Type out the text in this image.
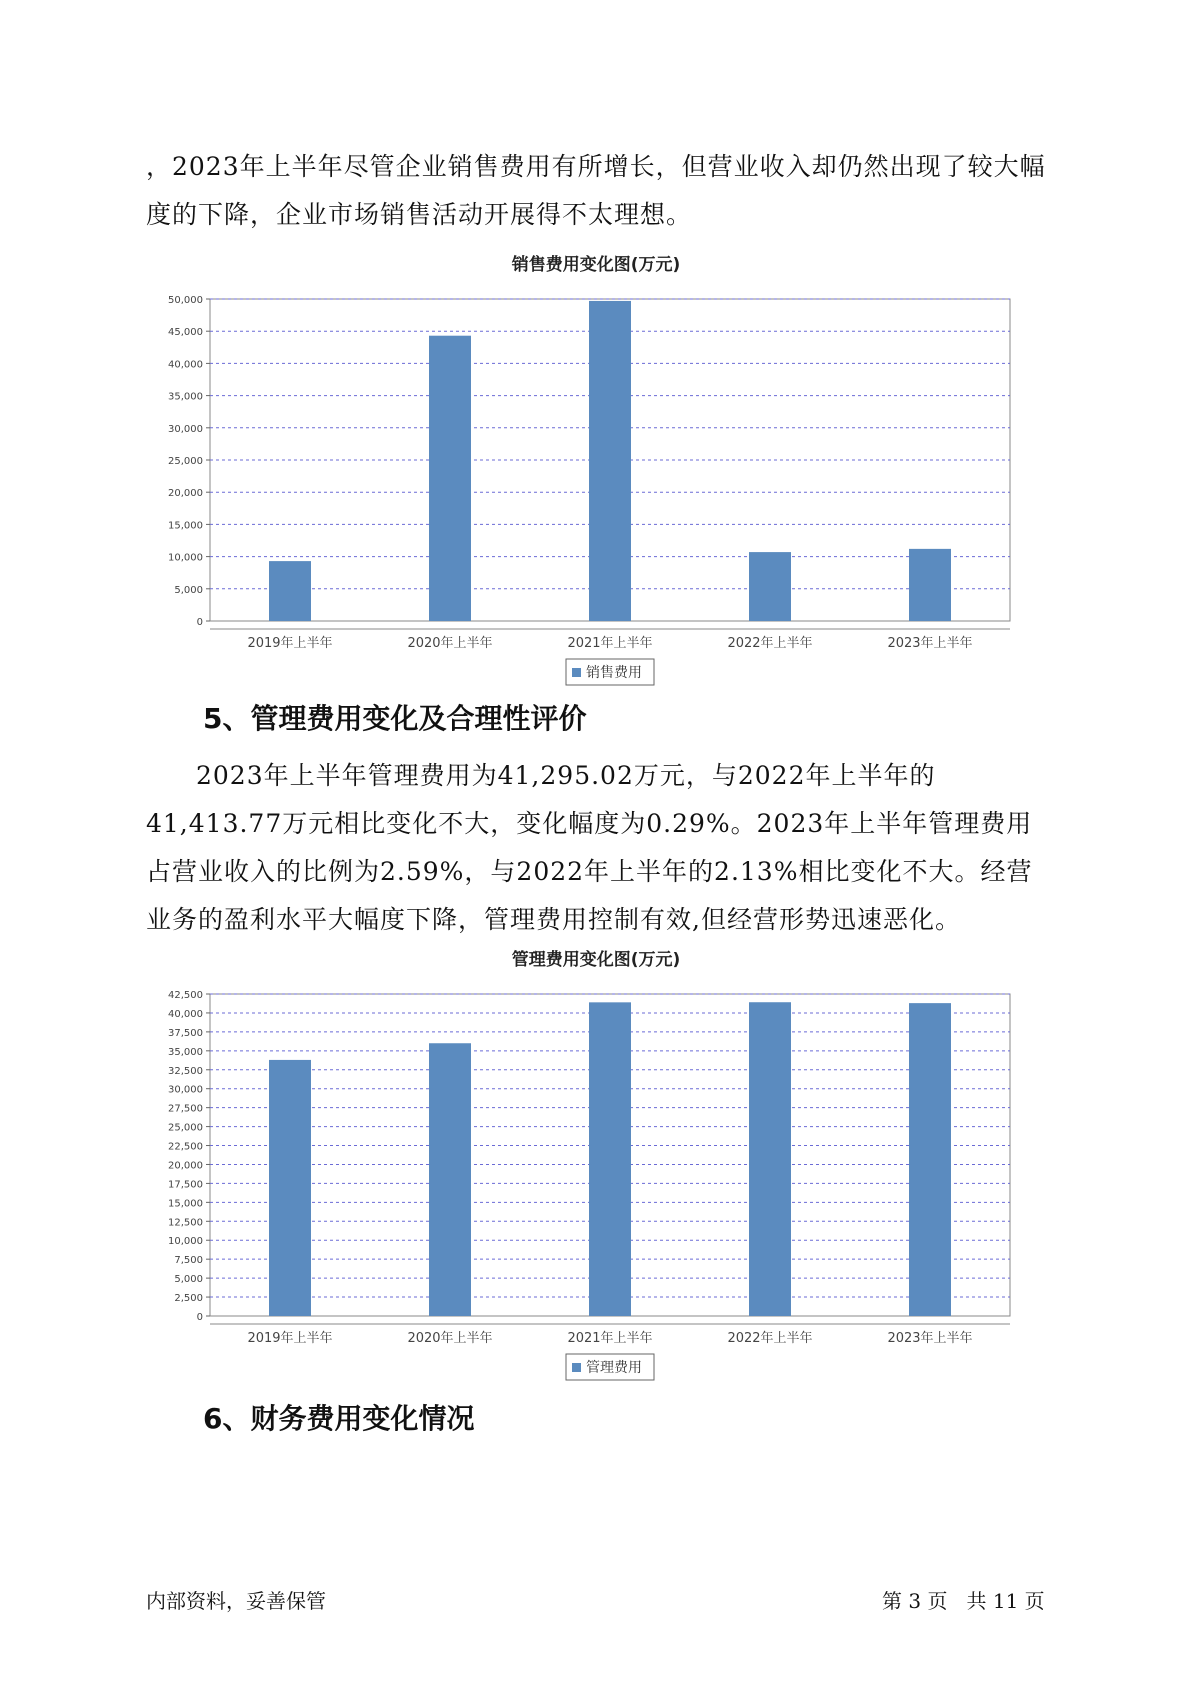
，2023年上半年尽管企业销售费用有所增长，但营业收入却仍然出现了较大幅度的下降，企业市场销售活动开展得不太理想。

销售费用变化图(万元)
0
5,000
10,000
15,000
20,000
25,000
30,000
35,000
40,000
45,000
50,000
2019年上半年	2020年上半年	2021年上半年	2022年上半年	2023年上半年
销售费用
5、管理费用变化及合理性评价

2023年上半年管理费用为41,295.02万元，与2022年上半年的41,413.77万元相比变化不大，变化幅度为0.29%。2023年上半年管理费用占营业收入的比例为2.59%，与2022年上半年的2.13%相比变化不大。经营业务的盈利水平大幅度下降，管理费用控制有效,但经营形势迅速恶化。

管理费用变化图(万元)
0
2,500
5,000
7,500
10,000
12,500
15,000
17,500
20,000
22,500
25,000
27,500
30,000
32,500
35,000
37,500
40,000
42,500
2019年上半年	2020年上半年	2021年上半年	2022年上半年	2023年上半年
管理费用
6、财务费用变化情况
内部资料，妥善保管	第 3 页   共 11 页
